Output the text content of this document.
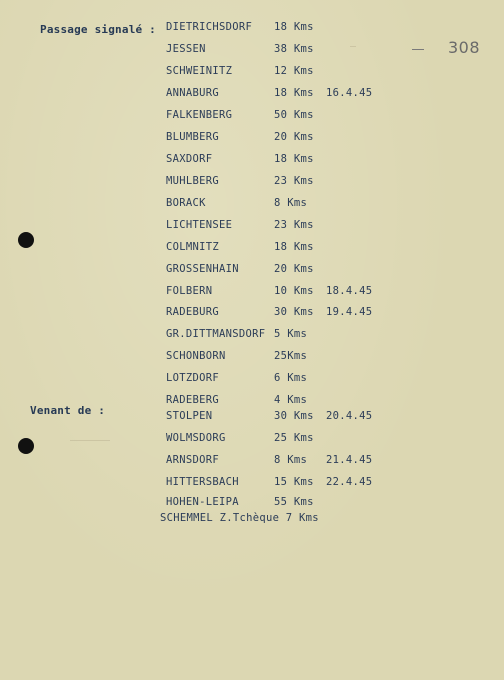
308
Passage signalé :
Venant de :
DIETRICHSDORF 18 Kms
JESSEN	38 Kms
SCHWEINITZ	12 Kms
ANNABURG	18 Kms 16.4.45
FALKENBERG	50 Kms
BLUMBERG	20 Kms
SAXDORF	18 Kms
MUHLBERG	23 Kms
BORACK	8 Kms
LICHTENSEE	23 Kms
COLMNITZ	18 Kms
GROSSENHAIN	20 Kms
FOLBERN	10 Kms 18.4.45
RADEBURG	30 Kms 19.4.45
GR.DITTMANSDORF 5 Kms
SCHONBORN	25Kms
LOTZDORF	6 Kms
RADEBERG	4 Kms
STOLPEN	30 Kms 20.4.45
WOLMSDORG	25 Kms
ARNSDORF	8 Kms 21.4.45
HITTERSBACH	15 Kms 22.4.45
HOHEN-LEIPA	55 Kms
SCHEMMEL Z.Tchèque 7 Kms
